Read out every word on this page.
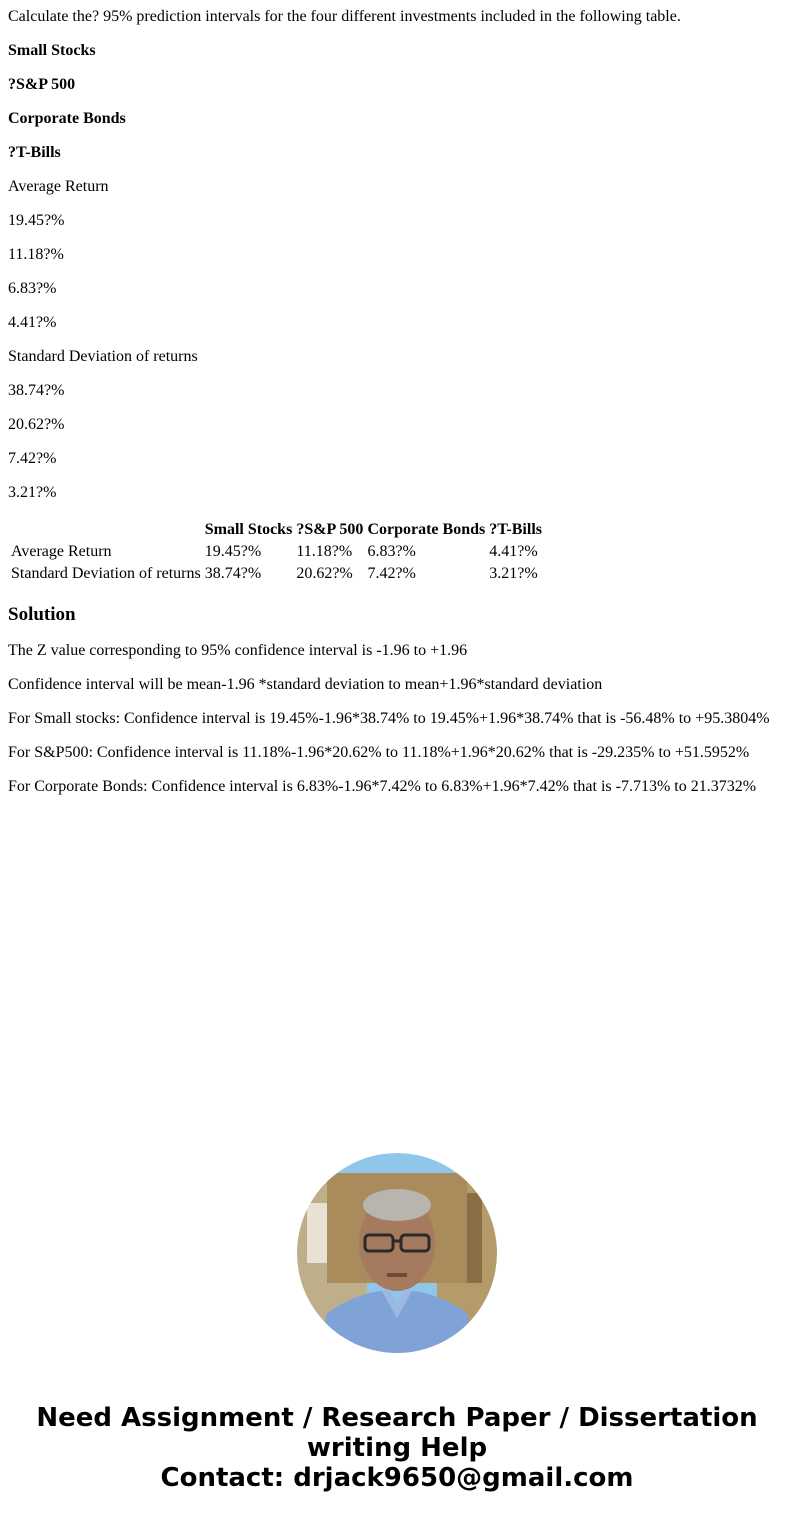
Calculate the? 95% prediction intervals for the four different investments included in the following table.

Small Stocks

?S&P 500

Corporate Bonds

?T-Bills

Average Return

19.45?%

11.18?%

6.83?%

4.41?%

Standard Deviation of returns

38.74?%

20.62?%

7.42?%

3.21?%

	Small Stocks	?S&P 500	Corporate Bonds	?T-Bills
Average Return	19.45?%	11.18?%	6.83?%	4.41?%
Standard Deviation of returns	38.74?%	20.62?%	7.42?%	3.21?%
Solution

The Z value corresponding to 95% confidence interval is -1.96 to +1.96

Confidence interval will be mean-1.96 *standard deviation to mean+1.96*standard deviation

For Small stocks: Confidence interval is 19.45%-1.96*38.74% to 19.45%+1.96*38.74% that is -56.48% to +95.3804%

For S&P500: Confidence interval is 11.18%-1.96*20.62% to 11.18%+1.96*20.62% that is -29.235% to +51.5952%

For Corporate Bonds: Confidence interval is 6.83%-1.96*7.42% to 6.83%+1.96*7.42% that is -7.713% to 21.3732%

Need Assignment / Research Paper / Dissertation
writing Help
Contact: drjack9650@gmail.com
